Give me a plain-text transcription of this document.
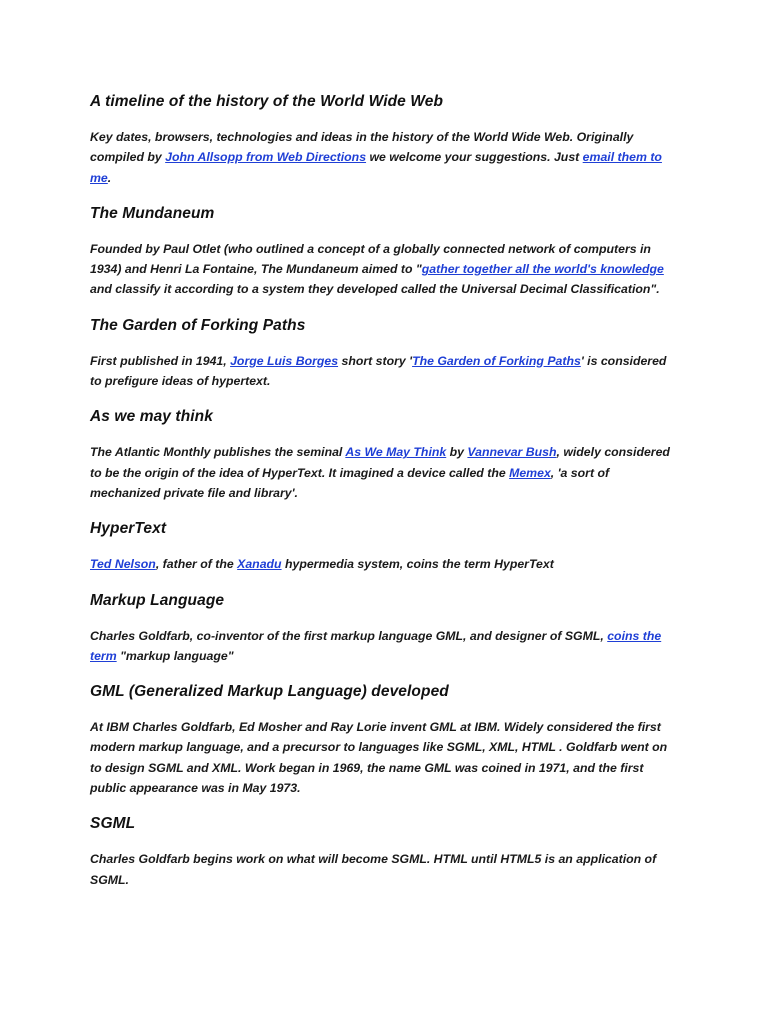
A timeline of the history of the World Wide Web

Key dates, browsers, technologies and ideas in the history of the World Wide Web. Originally compiled by John Allsopp from Web Directions we welcome your suggestions. Just email them to me.

The Mundaneum

Founded by Paul Otlet (who outlined a concept of a globally connected network of computers in 1934) and Henri La Fontaine, The Mundaneum aimed to "gather together all the world's knowledge and classify it according to a system they developed called the Universal Decimal Classification".

The Garden of Forking Paths

First published in 1941, Jorge Luis Borges short story 'The Garden of Forking Paths' is considered to prefigure ideas of hypertext.

As we may think

The Atlantic Monthly publishes the seminal As We May Think by Vannevar Bush, widely considered to be the origin of the idea of HyperText. It imagined a device called the Memex, 'a sort of mechanized private file and library'.

HyperText

Ted Nelson, father of the Xanadu hypermedia system, coins the term HyperText

Markup Language

Charles Goldfarb, co-inventor of the first markup language GML, and designer of SGML, coins the term "markup language"

GML (Generalized Markup Language) developed

At IBM Charles Goldfarb, Ed Mosher and Ray Lorie invent GML at IBM. Widely considered the first modern markup language, and a precursor to languages like SGML, XML, HTML . Goldfarb went on to design SGML and XML. Work began in 1969, the name GML was coined in 1971, and the first public appearance was in May 1973.

SGML

Charles Goldfarb begins work on what will become SGML. HTML until HTML5 is an application of SGML.
